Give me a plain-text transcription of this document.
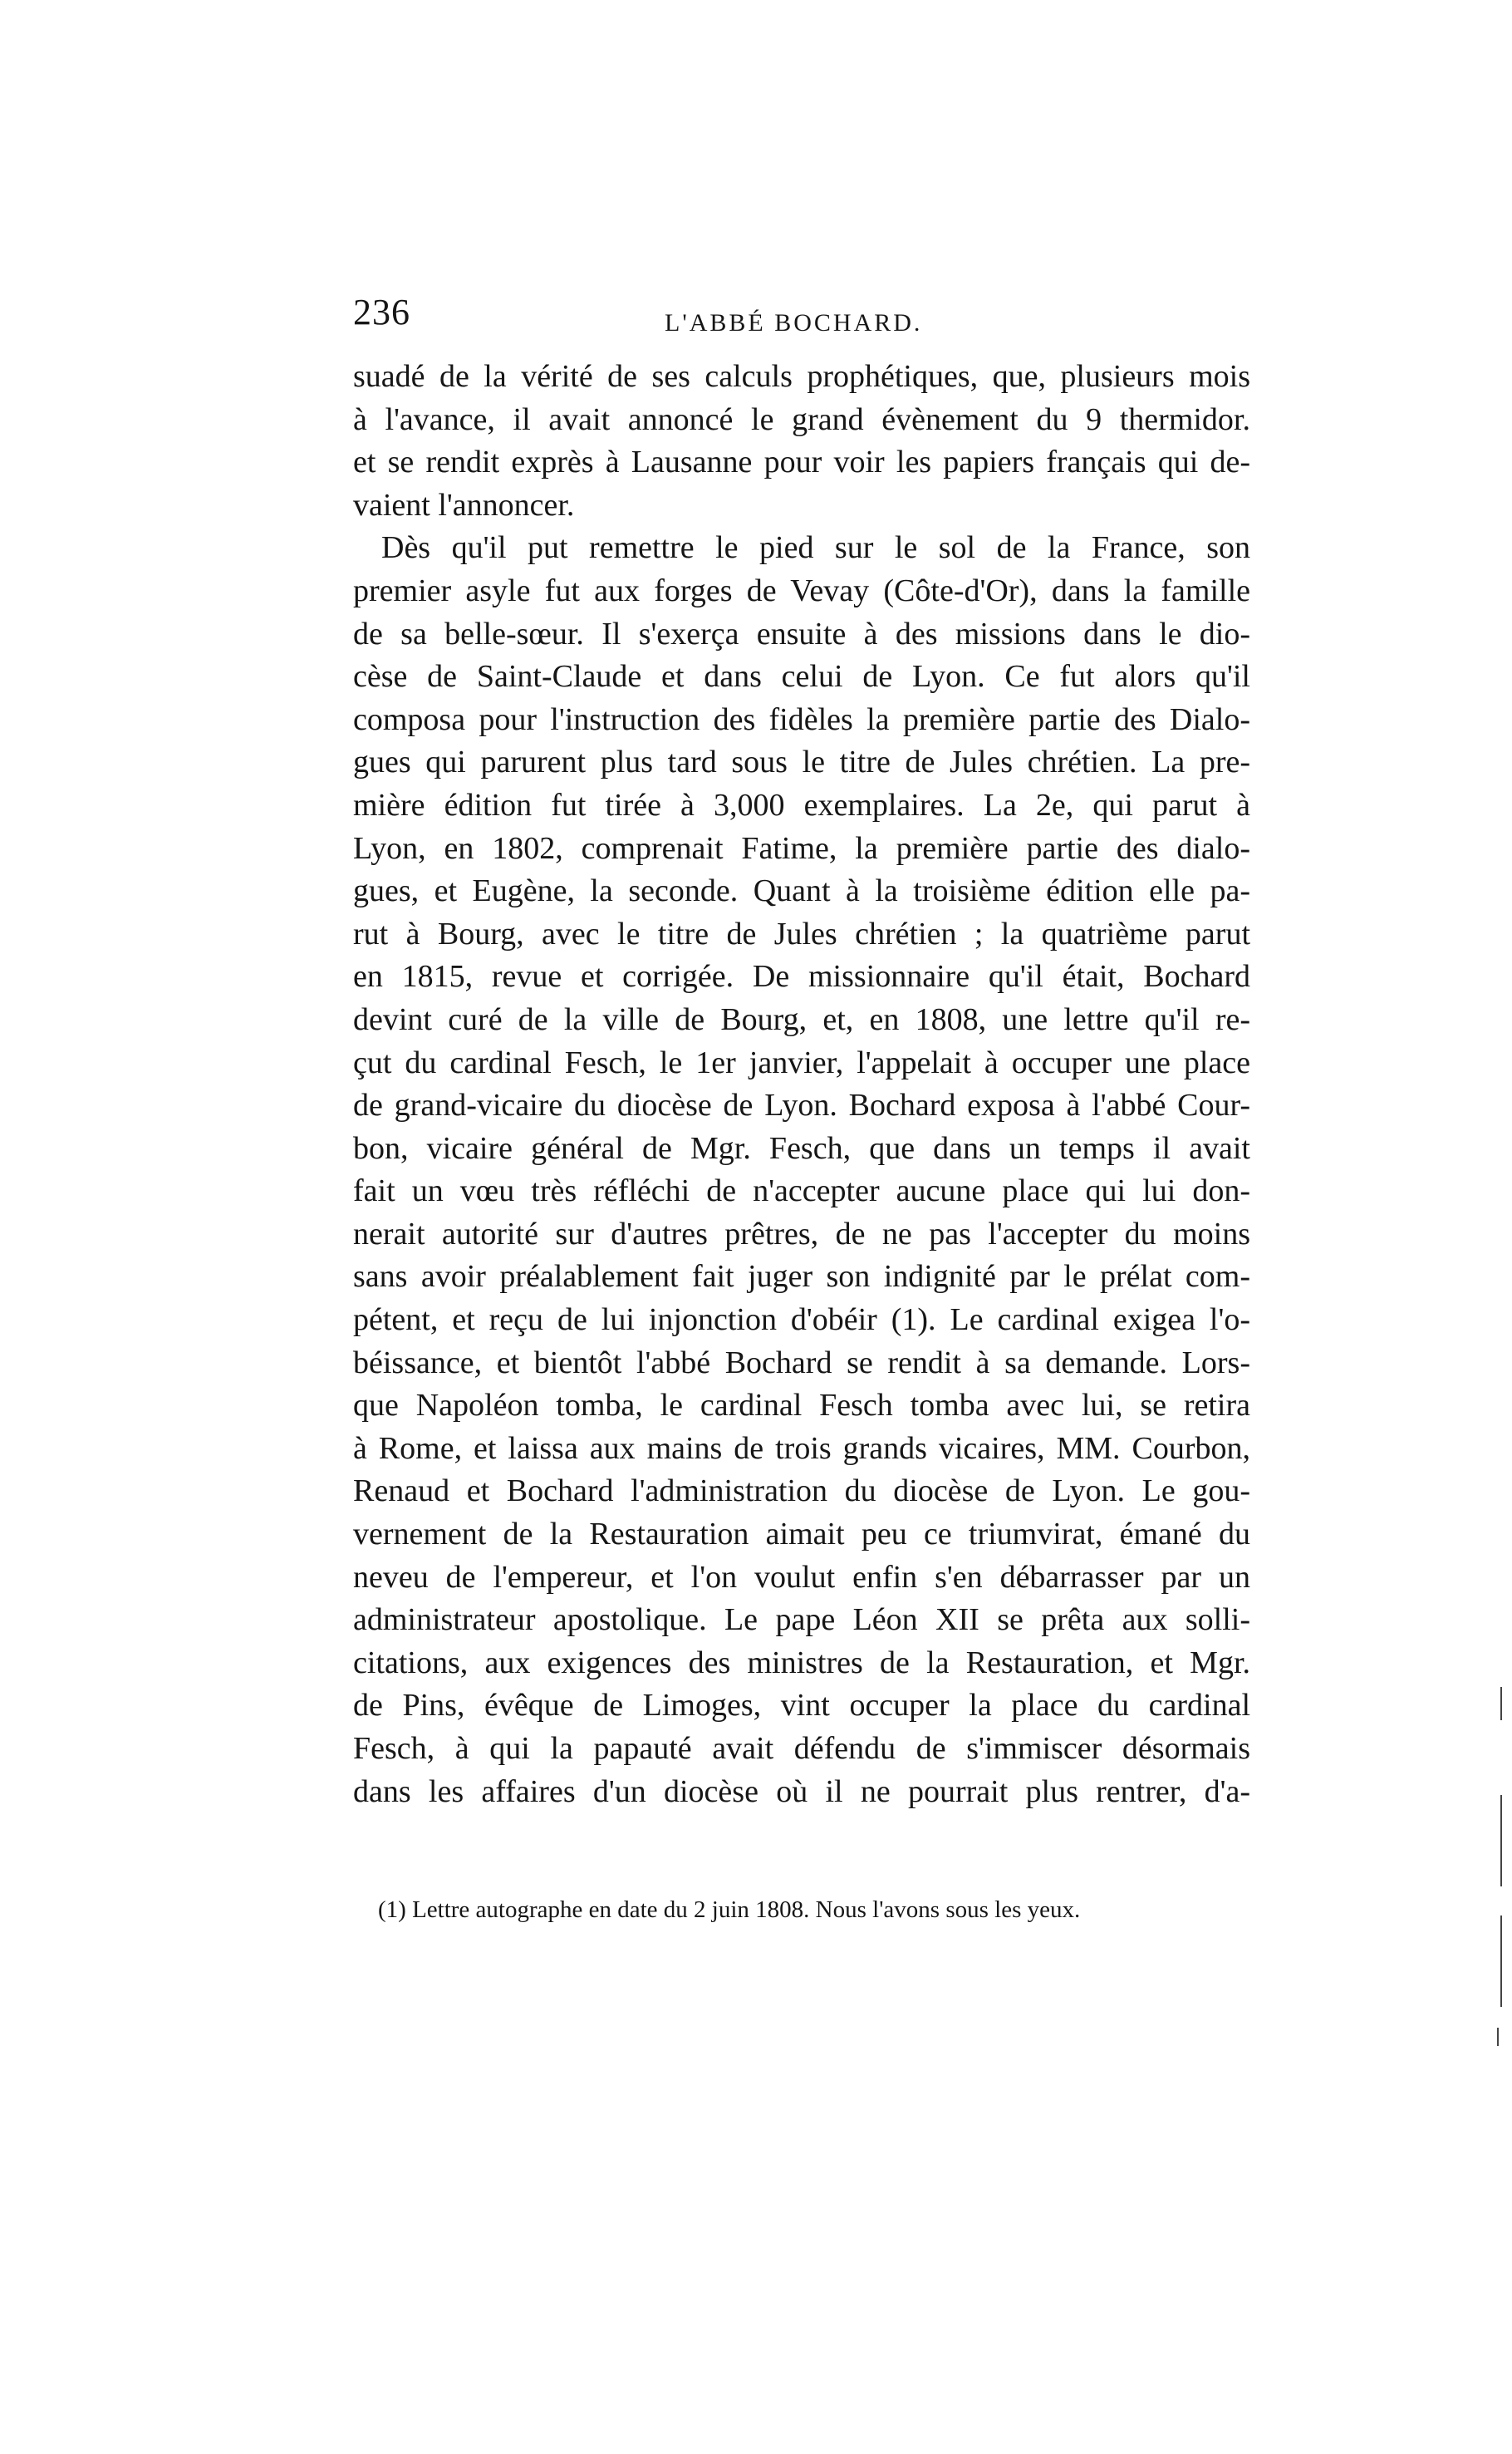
236	L'ABBÉ BOCHARD.
suadé de la vérité de ses calculs prophétiques, que, plusieurs mois
à l'avance, il avait annoncé le grand évènement du 9 thermidor.
et se rendit exprès à Lausanne pour voir les papiers français qui de-
vaient l'annoncer.
Dès qu'il put remettre le pied sur le sol de la France, son
premier asyle fut aux forges de Vevay (Côte-d'Or), dans la famille
de sa belle-sœur. Il s'exerça ensuite à des missions dans le dio-
cèse de Saint-Claude et dans celui de Lyon. Ce fut alors qu'il
composa pour l'instruction des fidèles la première partie des Dialo-
gues qui parurent plus tard sous le titre de Jules chrétien. La pre-
mière édition fut tirée à 3,000 exemplaires. La 2e, qui parut à
Lyon, en 1802, comprenait Fatime, la première partie des dialo-
gues, et Eugène, la seconde. Quant à la troisième édition elle pa-
rut à Bourg, avec le titre de Jules chrétien ; la quatrième parut
en 1815, revue et corrigée. De missionnaire qu'il était, Bochard
devint curé de la ville de Bourg, et, en 1808, une lettre qu'il re-
çut du cardinal Fesch, le 1er janvier, l'appelait à occuper une place
de grand-vicaire du diocèse de Lyon. Bochard exposa à l'abbé Cour-
bon, vicaire général de Mgr. Fesch, que dans un temps il avait
fait un vœu très réfléchi de n'accepter aucune place qui lui don-
nerait autorité sur d'autres prêtres, de ne pas l'accepter du moins
sans avoir préalablement fait juger son indignité par le prélat com-
pétent, et reçu de lui injonction d'obéir (1). Le cardinal exigea l'o-
béissance, et bientôt l'abbé Bochard se rendit à sa demande. Lors-
que Napoléon tomba, le cardinal Fesch tomba avec lui, se retira
à Rome, et laissa aux mains de trois grands vicaires, MM. Courbon,
Renaud et Bochard l'administration du diocèse de Lyon. Le gou-
vernement de la Restauration aimait peu ce triumvirat, émané du
neveu de l'empereur, et l'on voulut enfin s'en débarrasser par un
administrateur apostolique. Le pape Léon XII se prêta aux solli-
citations, aux exigences des ministres de la Restauration, et Mgr.
de Pins, évêque de Limoges, vint occuper la place du cardinal
Fesch, à qui la papauté avait défendu de s'immiscer désormais
dans les affaires d'un diocèse où il ne pourrait plus rentrer, d'a-
(1) Lettre autographe en date du 2 juin 1808. Nous l'avons sous les yeux.
